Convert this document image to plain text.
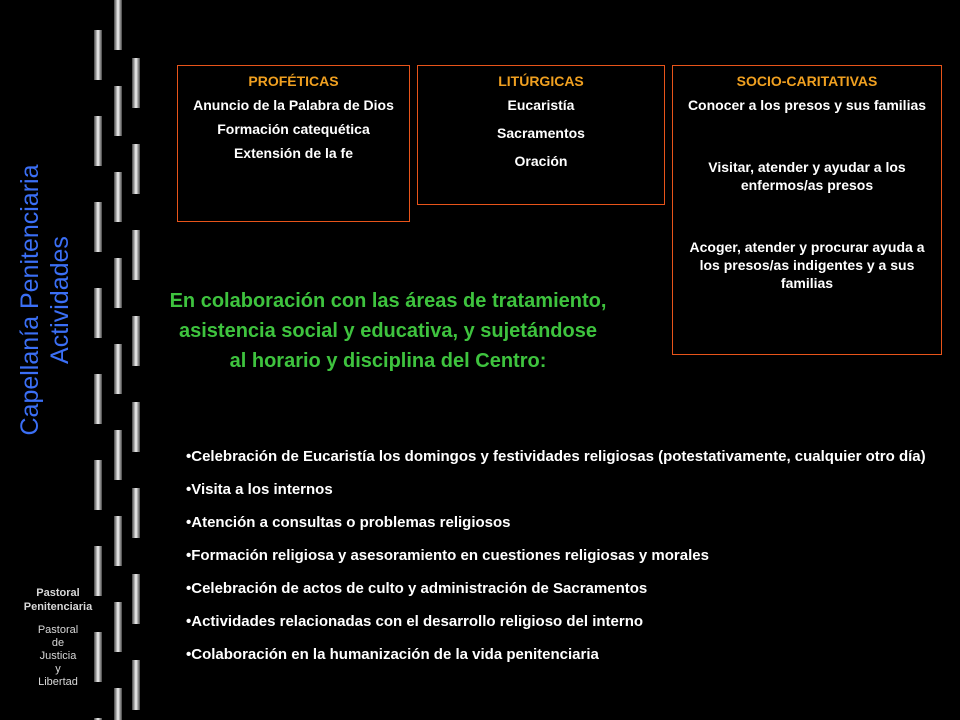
Capellanía Penitenciaria Actividades
Pastoral
Penitenciaria
Pastoral
de
Justicia
y
Libertad
PROFÉTICAS
Anuncio de la Palabra de Dios
Formación catequética
Extensión de la fe
LITÚRGICAS
Eucaristía
Sacramentos
Oración
SOCIO-CARITATIVAS
Conocer a los presos y sus familias
Visitar, atender y ayudar a los enfermos/as presos
Acoger, atender y procurar ayuda a los presos/as indigentes y a sus familias
En colaboración con las áreas de tratamiento, asistencia social y educativa, y sujetándose al horario y disciplina del Centro:
•Celebración de Eucaristía los domingos y festividades religiosas (potestativamente, cualquier otro día)
•Visita a los internos
•Atención a consultas o problemas religiosos
•Formación religiosa y asesoramiento en cuestiones religiosas y morales
•Celebración de actos de culto y administración de Sacramentos
•Actividades relacionadas con el desarrollo religioso del interno
•Colaboración en la humanización de la vida penitenciaria
